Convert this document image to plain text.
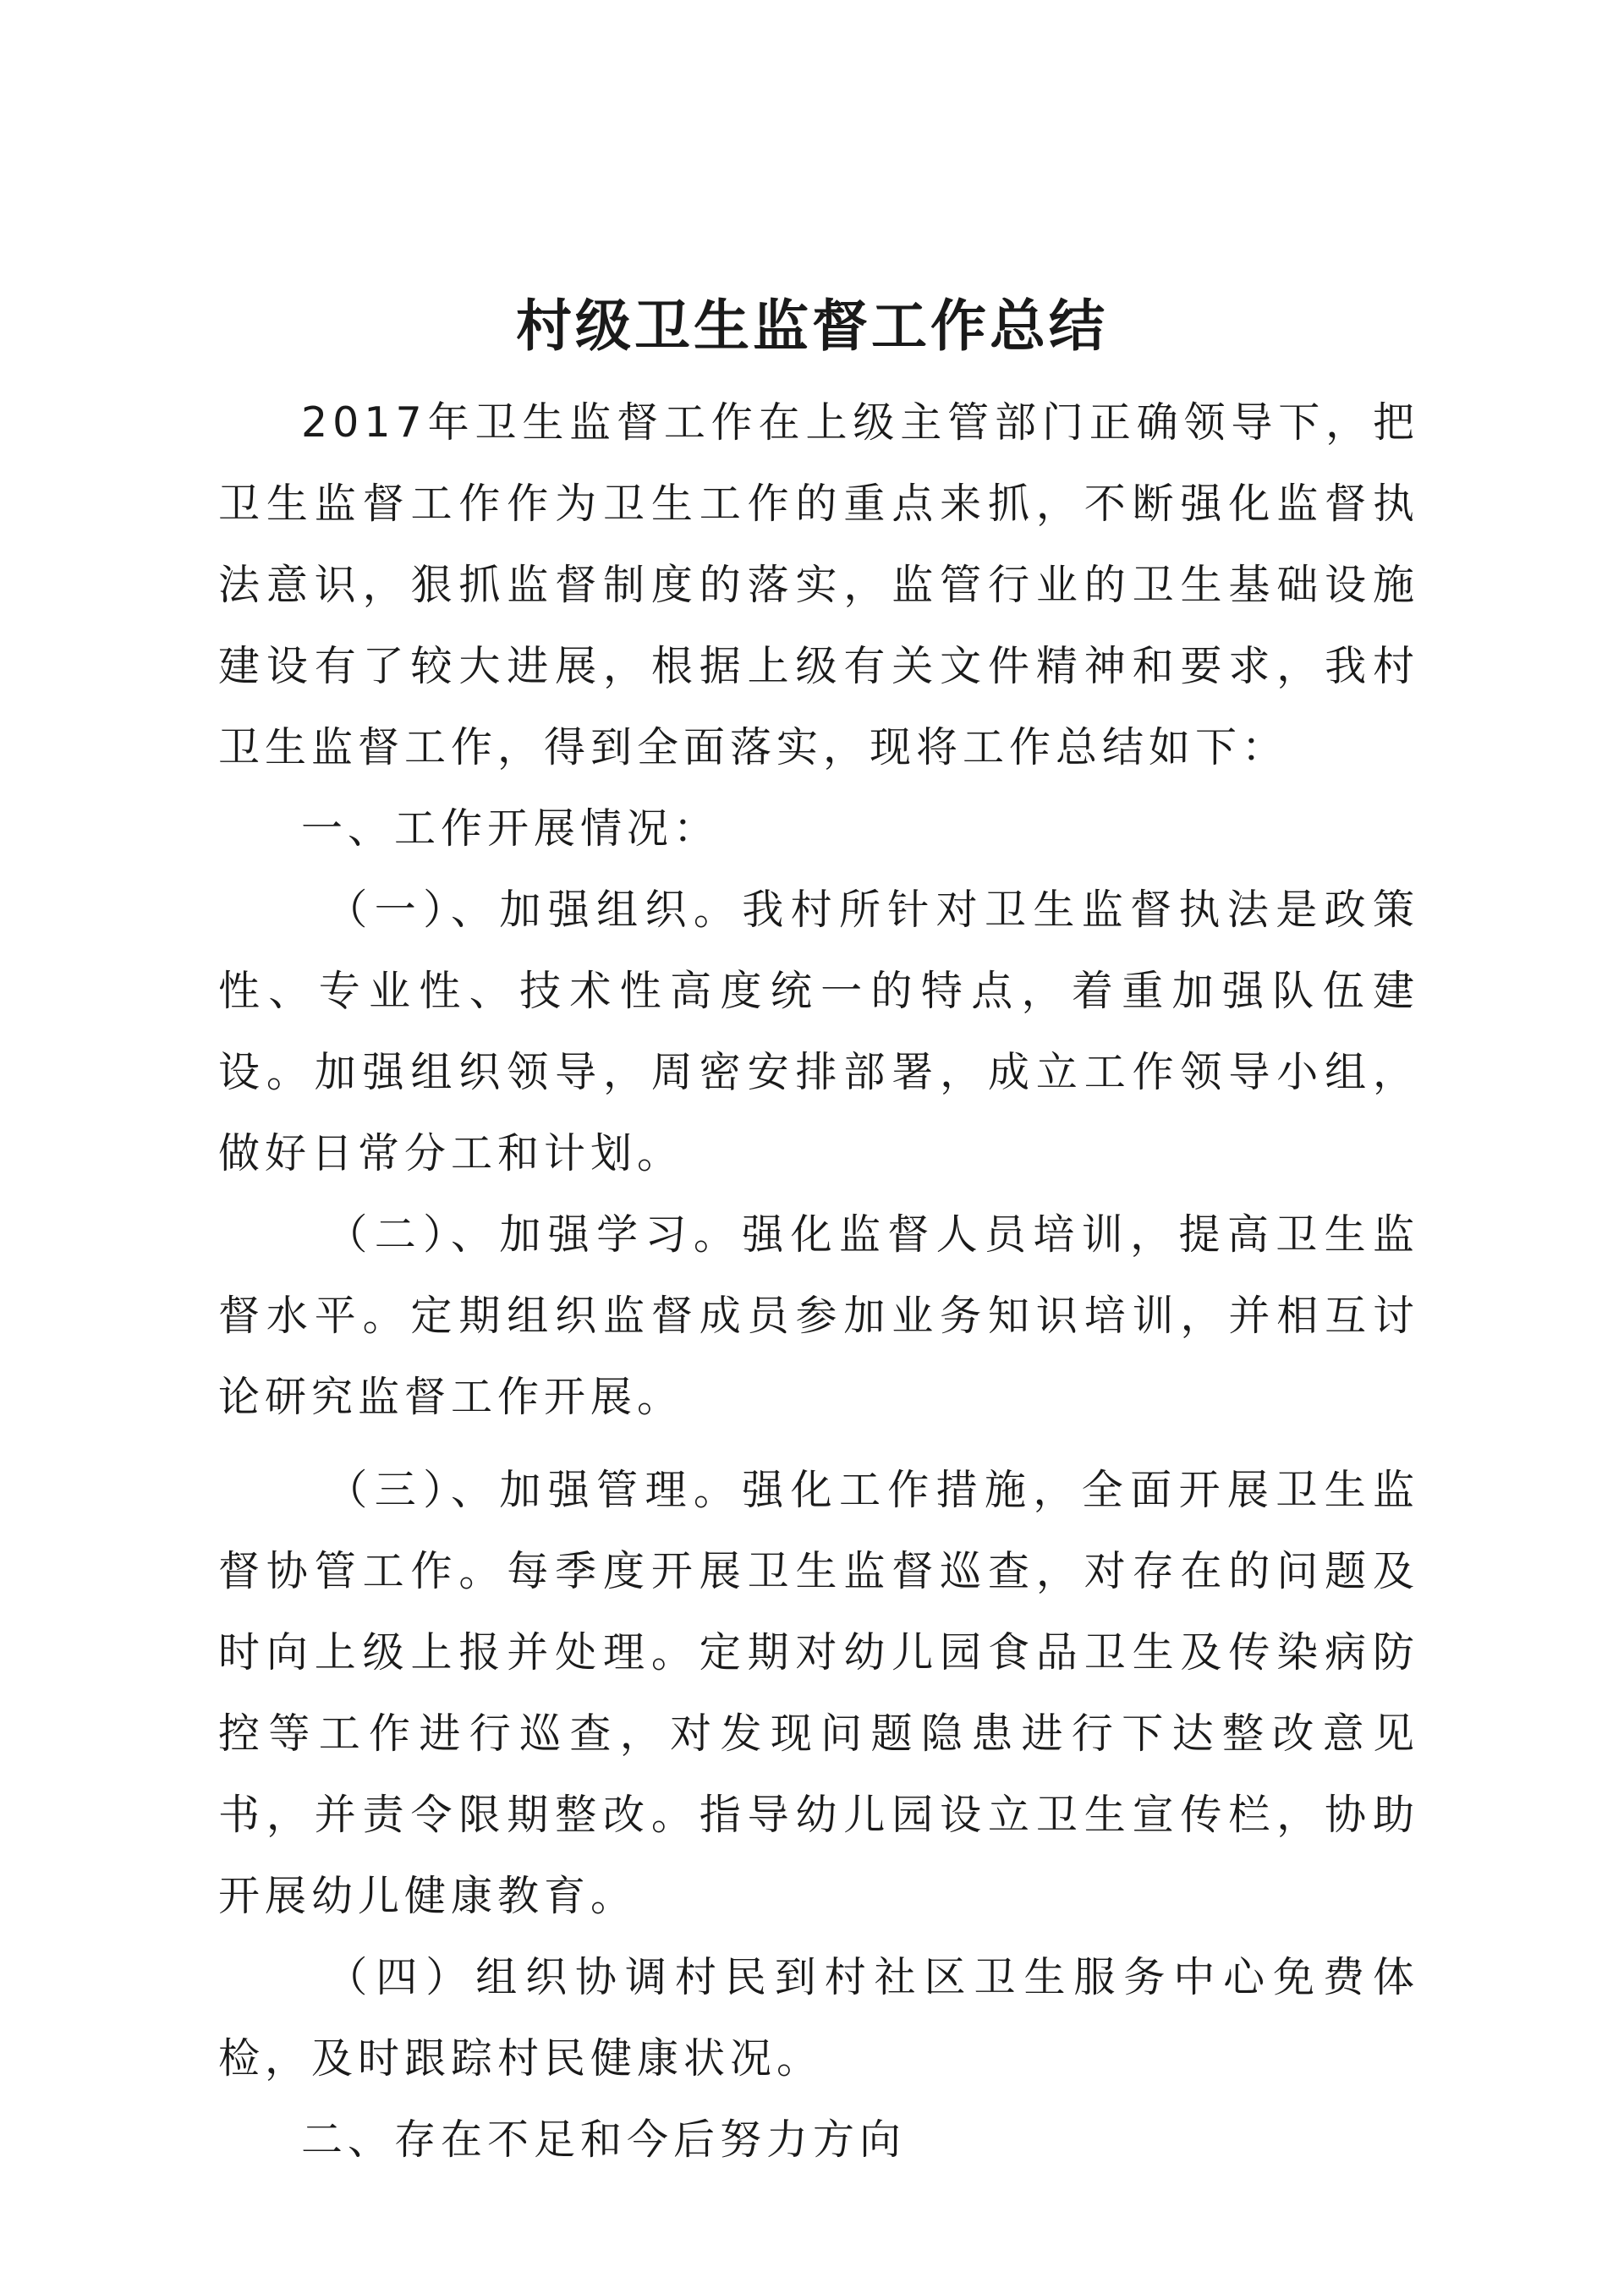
村级卫生监督工作总结

2017年卫生监督工作在上级主管部门正确领导下，把卫生监督工作作为卫生工作的重点来抓，不断强化监督执法意识，狠抓监督制度的落实，监管行业的卫生基础设施建设有了较大进展，根据上级有关文件精神和要求，我村卫生监督工作，得到全面落实，现将工作总结如下：

一、工作开展情况：

（一）、加强组织。我村所针对卫生监督执法是政策性、专业性、技术性高度统一的特点，着重加强队伍建设。加强组织领导，周密安排部署，成立工作领导小组，做好日常分工和计划。

（二）、加强学习。强化监督人员培训，提高卫生监督水平。定期组织监督成员参加业务知识培训，并相互讨论研究监督工作开展。

（三）、加强管理。强化工作措施，全面开展卫生监督协管工作。每季度开展卫生监督巡查，对存在的问题及时向上级上报并处理。定期对幼儿园食品卫生及传染病防控等工作进行巡查，对发现问题隐患进行下达整改意见书，并责令限期整改。指导幼儿园设立卫生宣传栏，协助开展幼儿健康教育。

（四）组织协调村民到村社区卫生服务中心免费体检，及时跟踪村民健康状况。

二、存在不足和今后努力方向
